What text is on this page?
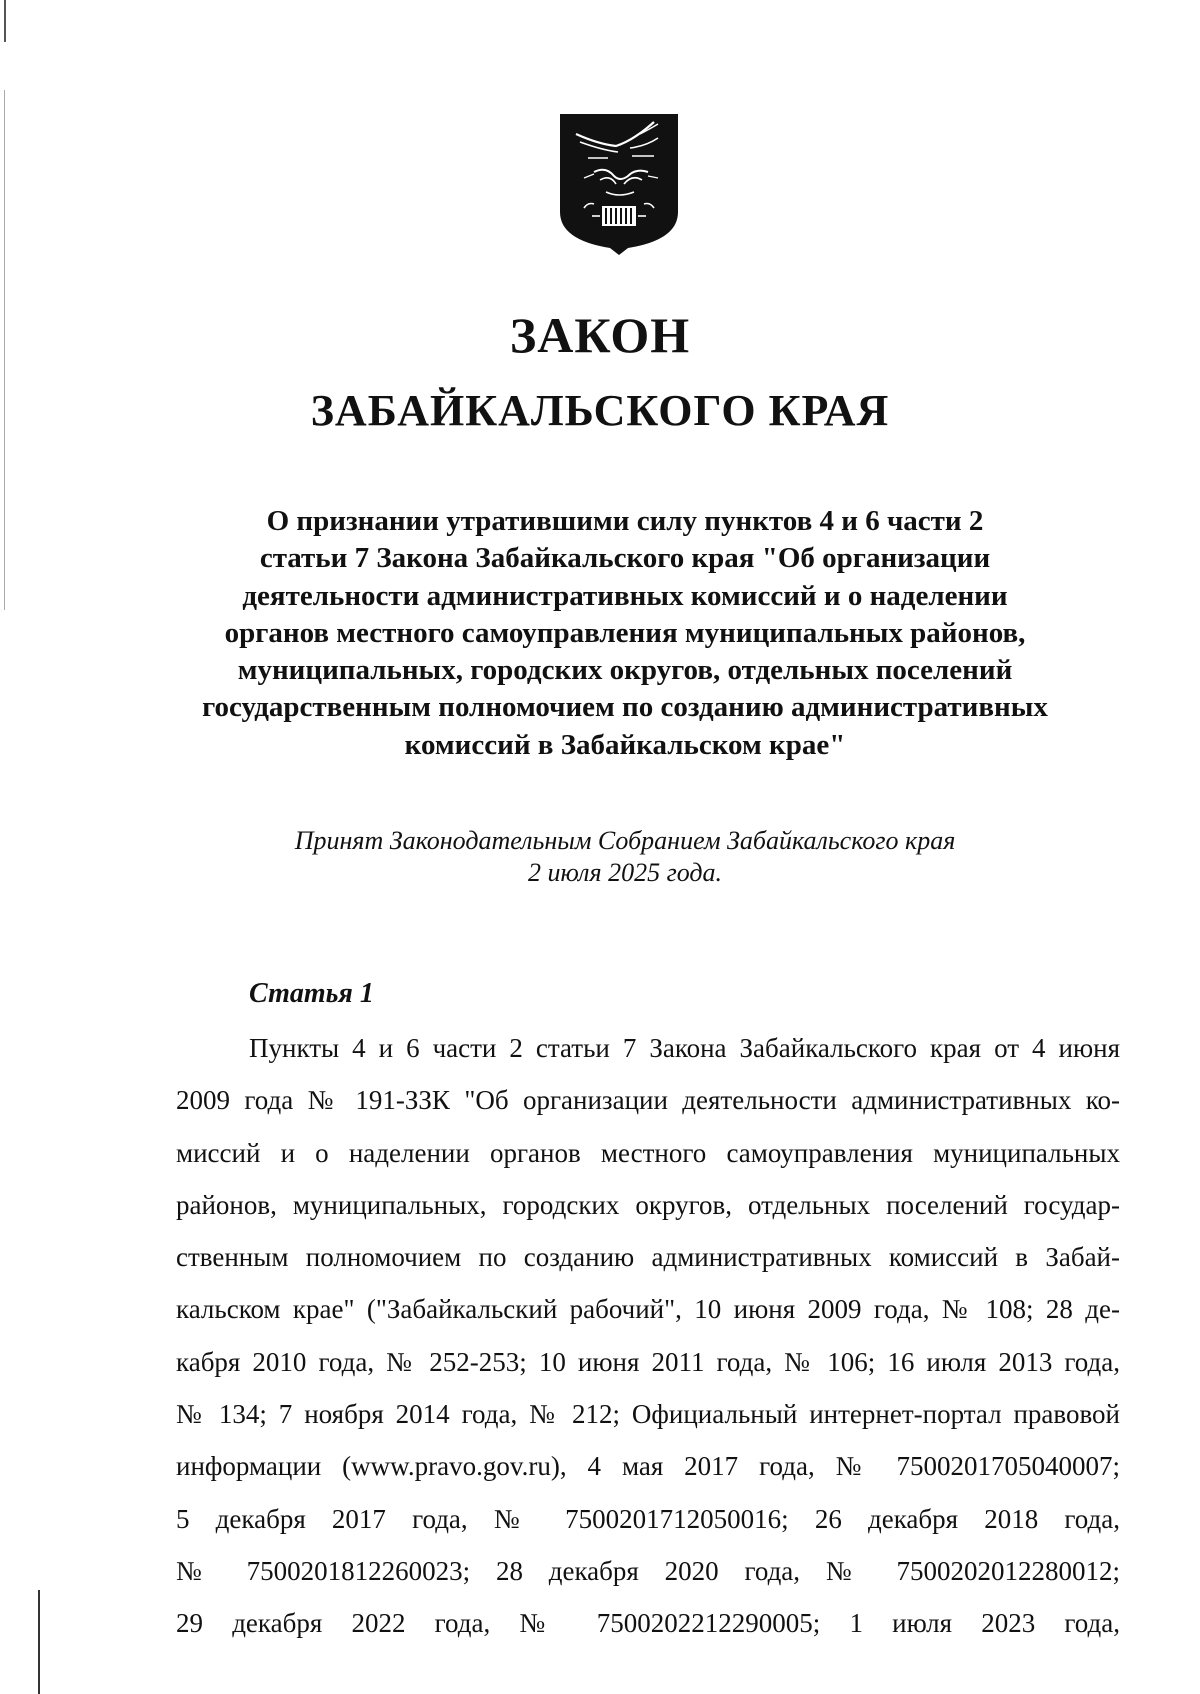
ЗАКОН
ЗАБАЙКАЛЬСКОГО КРАЯ
О признании утратившими силу пунктов 4 и 6 части 2
статьи 7 Закона Забайкальского края "Об организации
деятельности административных комиссий и о наделении
органов местного самоуправления муниципальных районов,
муниципальных, городских округов, отдельных поселений
государственным полномочием по созданию административных
комиссий в Забайкальском крае"
Принят Законодательным Собранием Забайкальского края
2 июля 2025 года.
Статья 1
Пункты 4 и 6 части 2 статьи 7 Закона Забайкальского края от 4 июня
2009 года № 191-ЗЗК "Об организации деятельности административных ко-
миссий и о наделении органов местного самоуправления муниципальных
районов, муниципальных, городских округов, отдельных поселений государ-
ственным полномочием по созданию административных комиссий в Забай-
кальском крае" ("Забайкальский рабочий", 10 июня 2009 года, № 108; 28 де-
кабря 2010 года, № 252-253; 10 июня 2011 года, № 106; 16 июля 2013 года,
№ 134; 7 ноября 2014 года, № 212; Официальный интернет-портал правовой
информации (www.pravo.gov.ru), 4 мая 2017 года, № 7500201705040007;
5 декабря 2017 года, № 7500201712050016; 26 декабря 2018 года,
№ 7500201812260023; 28 декабря 2020 года, № 7500202012280012;
29 декабря 2022 года, № 7500202212290005; 1 июля 2023 года,
